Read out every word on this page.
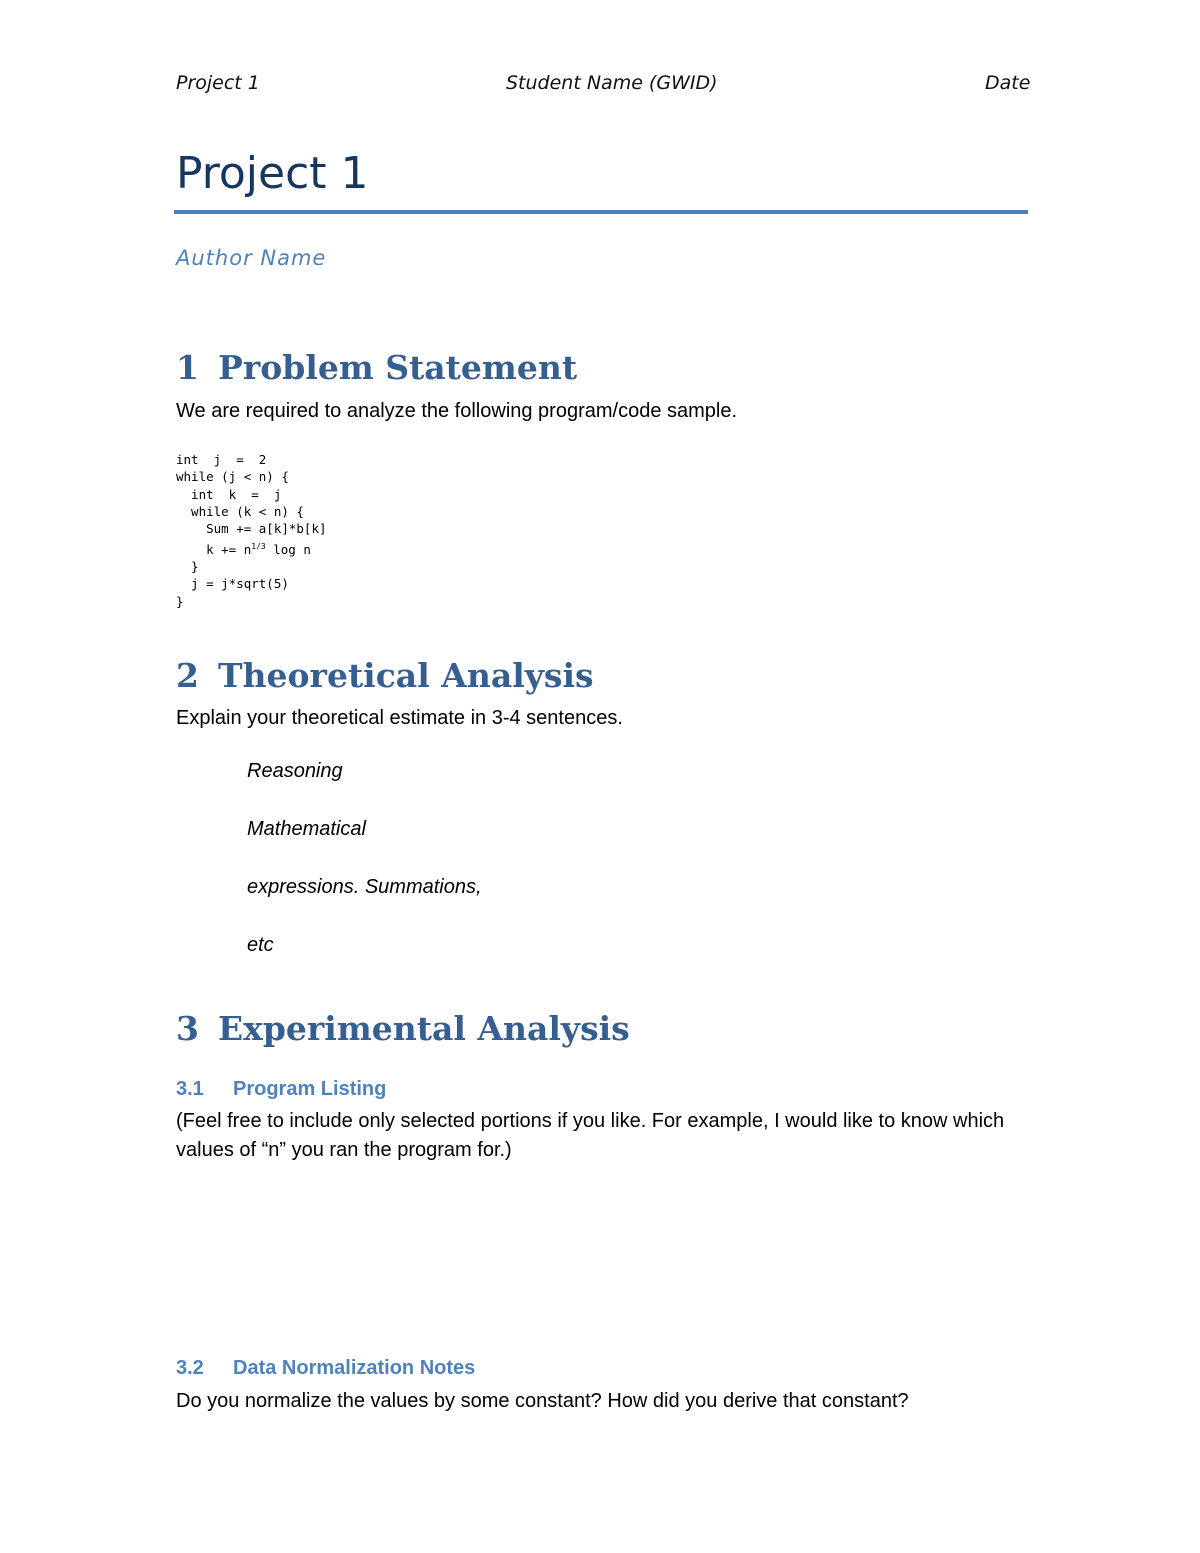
Project 1	Student Name (GWID)	Date
Project 1
Author Name
1 Problem Statement
We are required to analyze the following program/code sample.
int  j  =  2
while (j < n) {
int  k  =  j
while (k < n) {
Sum += a[k]*b[k]
$k += n^{1/3}$ log n
}
j = j*sqrt(5)
}
2 Theoretical Analysis
Explain your theoretical estimate in 3-4 sentences.
Reasoning
Mathematical
expressions. Summations,
etc
3 Experimental Analysis
3.1 Program Listing
(Feel free to include only selected portions if you like. For example, I would like to know which values of “n” you ran the program for.)
3.2 Data Normalization Notes
Do you normalize the values by some constant? How did you derive that constant?
